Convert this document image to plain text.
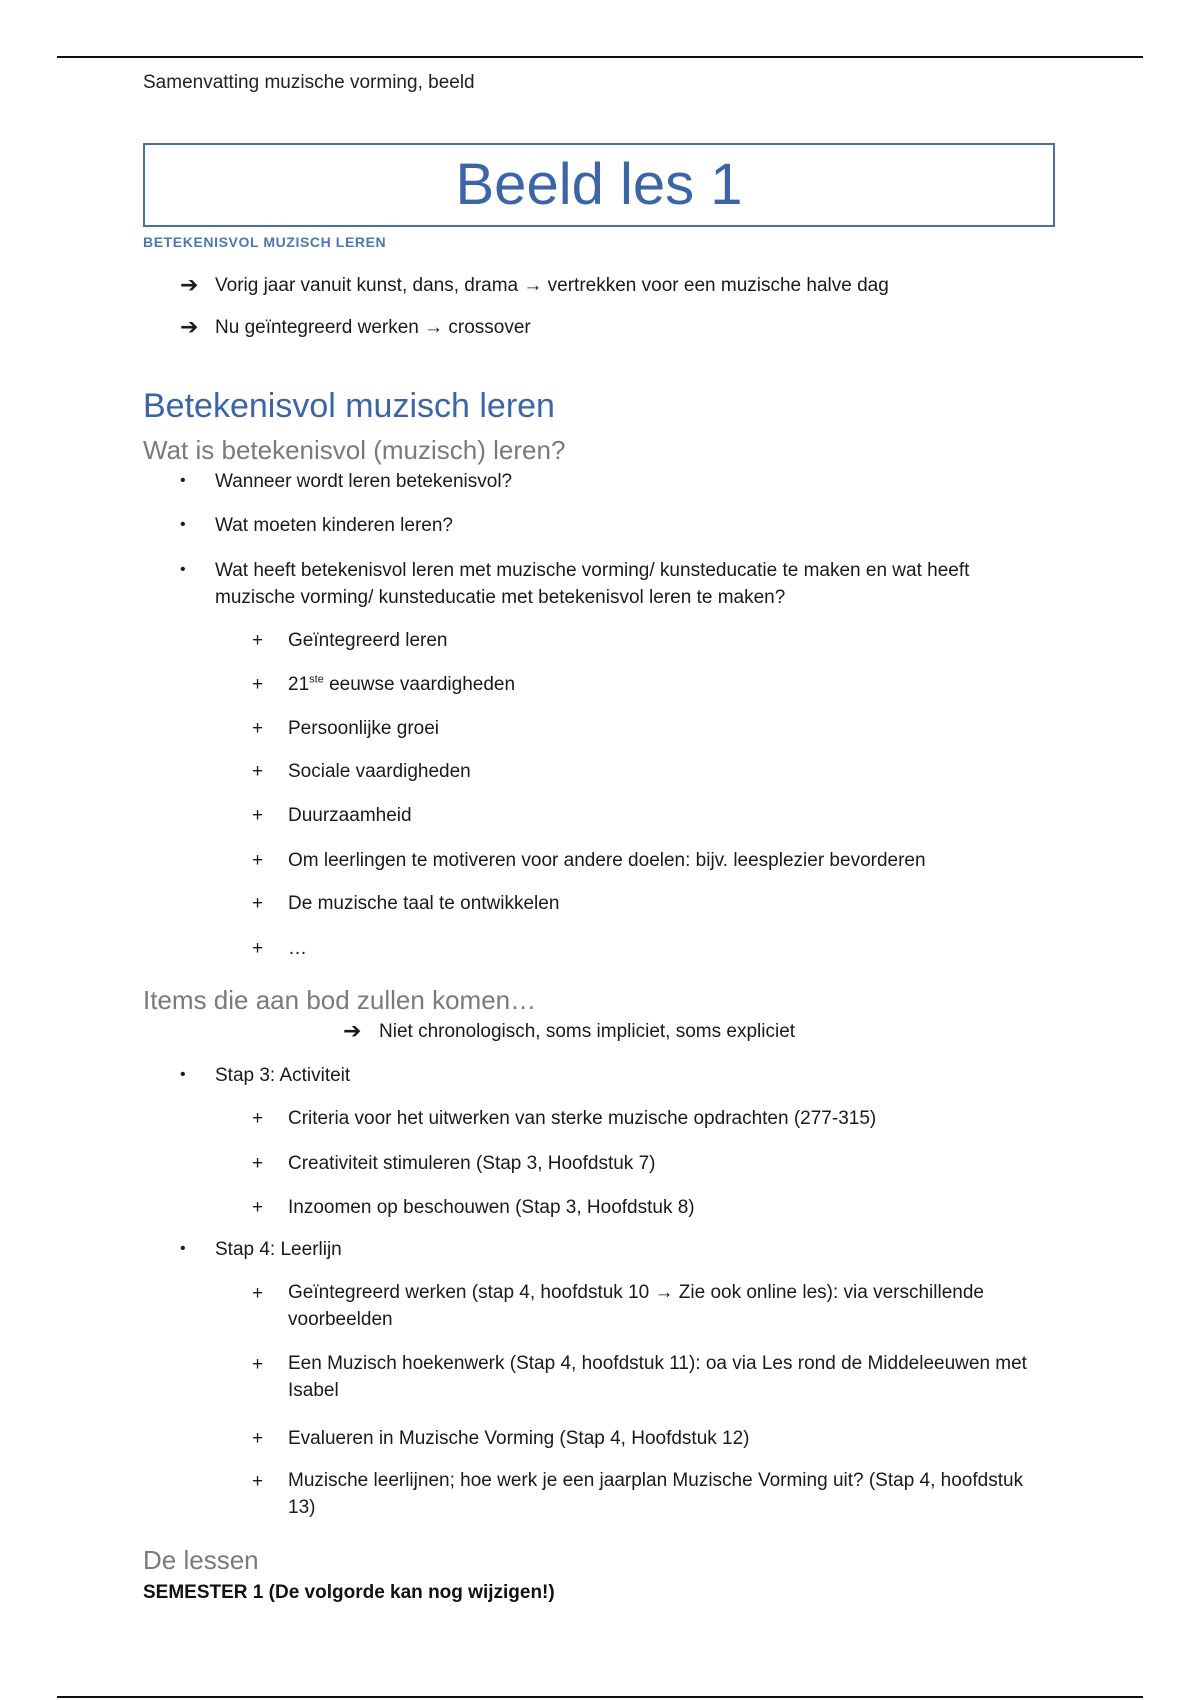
Samenvatting muzische vorming, beeld
Beeld les 1
BETEKENISVOL MUZISCH LEREN
➔ Vorig jaar vanuit kunst, dans, drama → vertrekken voor een muzische halve dag
➔ Nu geïntegreerd werken → crossover
Betekenisvol muzisch leren
Wat is betekenisvol (muzisch) leren?
• Wanneer wordt leren betekenisvol?
• Wat moeten kinderen leren?
• Wat heeft betekenisvol leren met muzische vorming/ kunsteducatie te maken en wat heeft muzische vorming/ kunsteducatie met betekenisvol leren te maken?
+ Geïntegreerd leren
+ 21ste eeuwse vaardigheden
+ Persoonlijke groei
+ Sociale vaardigheden
+ Duurzaamheid
+ Om leerlingen te motiveren voor andere doelen: bijv. leesplezier bevorderen
+ De muzische taal te ontwikkelen
+ …
Items die aan bod zullen komen…
➔ Niet chronologisch, soms impliciet, soms expliciet
• Stap 3: Activiteit
+ Criteria voor het uitwerken van sterke muzische opdrachten (277-315)
+ Creativiteit stimuleren (Stap 3, Hoofdstuk 7)
+ Inzoomen op beschouwen (Stap 3, Hoofdstuk 8)
• Stap 4: Leerlijn
+ Geïntegreerd werken (stap 4, hoofdstuk 10 → Zie ook online les): via verschillende voorbeelden
+ Een Muzisch hoekenwerk (Stap 4, hoofdstuk 11): oa via Les rond de Middeleeuwen met Isabel
+ Evalueren in Muzische Vorming (Stap 4, Hoofdstuk 12)
+ Muzische leerlijnen; hoe werk je een jaarplan Muzische Vorming uit? (Stap 4, hoofdstuk 13)
De lessen
SEMESTER 1 (De volgorde kan nog wijzigen!)
